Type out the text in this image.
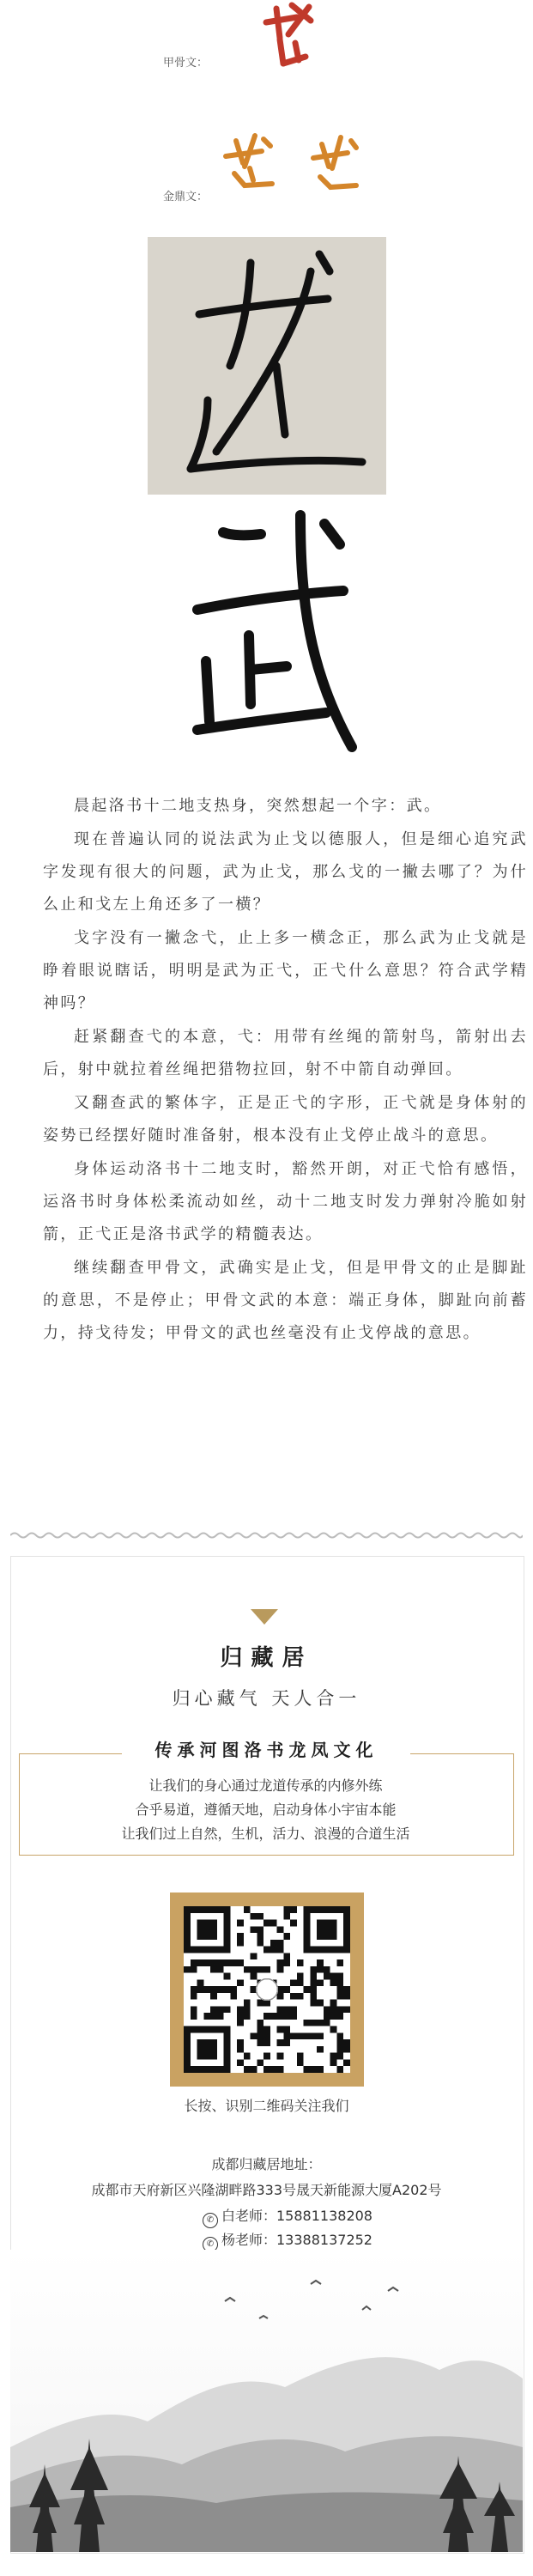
甲骨文：
金鼎文：

晨起洛书十二地支热身，突然想起一个字：武。

现在普遍认同的说法武为止戈以德服人，但是细心追究武字发现有很大的问题，武为止戈，那么戈的一撇去哪了？为什么止和戈左上角还多了一横？

戈字没有一撇念弋，止上多一横念正，那么武为止戈就是睁着眼说瞎话，明明是武为正弋，正弋什么意思？符合武学精神吗？

赶紧翻查弋的本意，弋：用带有丝绳的箭射鸟，箭射出去后，射中就拉着丝绳把猎物拉回，射不中箭自动弹回。

又翻查武的繁体字，正是正弋的字形，正弋就是身体射的姿势已经摆好随时准备射，根本没有止戈停止战斗的意思。

身体运动洛书十二地支时，豁然开朗，对正弋恰有感悟，运洛书时身体松柔流动如丝，动十二地支时发力弹射冷脆如射箭，正弋正是洛书武学的精髓表达。

继续翻查甲骨文，武确实是止戈，但是甲骨文的止是脚趾的意思，不是停止；甲骨文武的本意：端正身体，脚趾向前蓄力，持戈待发；甲骨文的武也丝毫没有止戈停战的意思。

归藏居
归心藏气 天人合一
传承河图洛书龙凤文化
让我们的身心通过龙道传承的内修外练
合乎易道，遵循天地，启动身体小宇宙本能
让我们过上自然，生机，活力、浪漫的合道生活
长按、识别二维码关注我们
成都归藏居地址：
成都市天府新区兴隆湖畔路333号晟天新能源大厦A202号
✆ 白老师：15881138208
✆ 杨老师：13388137252
